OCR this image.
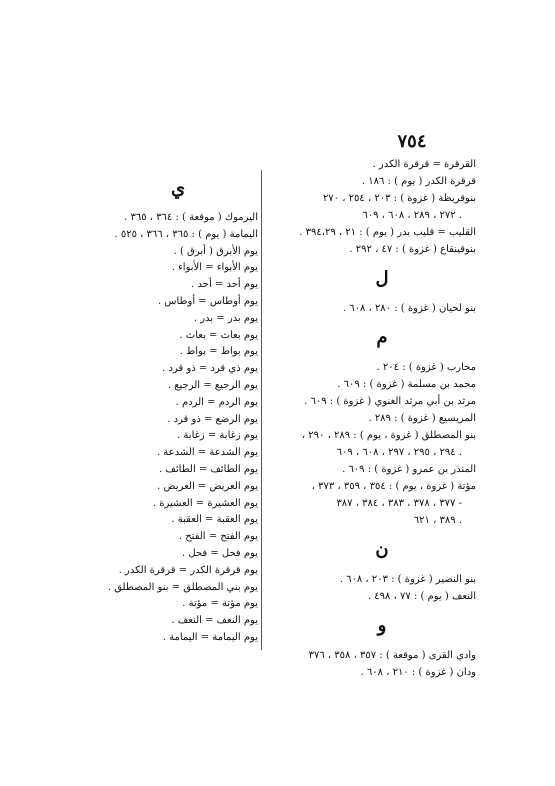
٧٥٤
القرقرة = قرقرة الكدر .
قرقرة الكدر ( يوم ) : ١٨٦ .
بنوقريظة ( غزوة ) : ٢٠٣ ، ٢٥٤ ، ٢٧٠
٢٧٢ ، ٢٨٩ ، ٦٠٨ ، ٦٠٩ .
القليب = قليب بدر ( يوم ) : ٢١ ، ٣٩٤،٢٩ .
بنوقينقاع ( غزوة ) : ٤٧ ، ٢٩٢ .
ل
بنو لحيان ( غزوة ) : ٢٨٠ ، ٦٠٨ .
م
محارب ( غزوة ) : ٢٠٤ .
محمد بن مسلمة ( غزوة ) : ٦٠٩ .
مرثد بن أبي مرثد الغنوي ( غزوة ) : ٦٠٩ .
المريسيع ( غزوة ) : ٢٨٩ .
بنو المصطلق ( غزوة ، يوم ) : ٢٨٩ ، ٢٩٠ ،
٢٩٤ ، ٢٩٥ ، ٢٩٧ ، ٦٠٨ ، ٦٠٩ .
المنذر بن عمرو ( غزوة ) : ٦٠٩ .
مؤتة ( غزوة ، يوم ) : ٣٥٤ ، ٣٥٩ ، ٣٧٣ ،
٣٧٧ ، ٣٧٨ ، ٣٨٣ ، ٣٨٤ ، ٣٨٧ -
٣٨٩ ، ٦٢١ .
ن
بنو النضير ( غزوة ) : ٢٠٣ ، ٦٠٨ .
النعف ( يوم ) : ٧٧ ، ٤٩٨ .
و
وادي القرى ( موقعة ) : ٣٥٧ ، ٣٥٨ ، ٣٧٦
ودان ( غزوة ) : ٢١٠ ، ٦٠٨ .
ي
اليرموك ( موقعة ) : ٣٦٤ ، ٣٦٥ .
اليمامة ( يوم ) : ٣٦٥ ، ٣٦٦ ، ٥٢٥ .
يوم الأبرق ( أبرق ) .
يوم الأبواء = الأبواء .
يوم أحد = أحد .
يوم أوطاس = أوطاس .
يوم بدر = بدر .
يوم بعاث = بعاث .
يوم بواط = بواط .
يوم ذي قرد = ذو قرد .
يوم الرجيع = الرجيع .
يوم الردم = الردم .
يوم الرضع = ذو قرد .
يوم زغابة = زغابة .
يوم الشدعة = الشدعة .
يوم الطائف = الطائف .
يوم العريض = العريض .
يوم العشيرة = العشيرة .
يوم العقبة = العقبة .
يوم الفتح = الفتح .
يوم فحل = فحل .
يوم قرقرة الكدر = قرقرة الكدر .
يوم بني المصطلق = بنو المصطلق .
يوم مؤتة = مؤتة .
يوم النعف = النعف .
يوم اليمامة = اليمامة .
